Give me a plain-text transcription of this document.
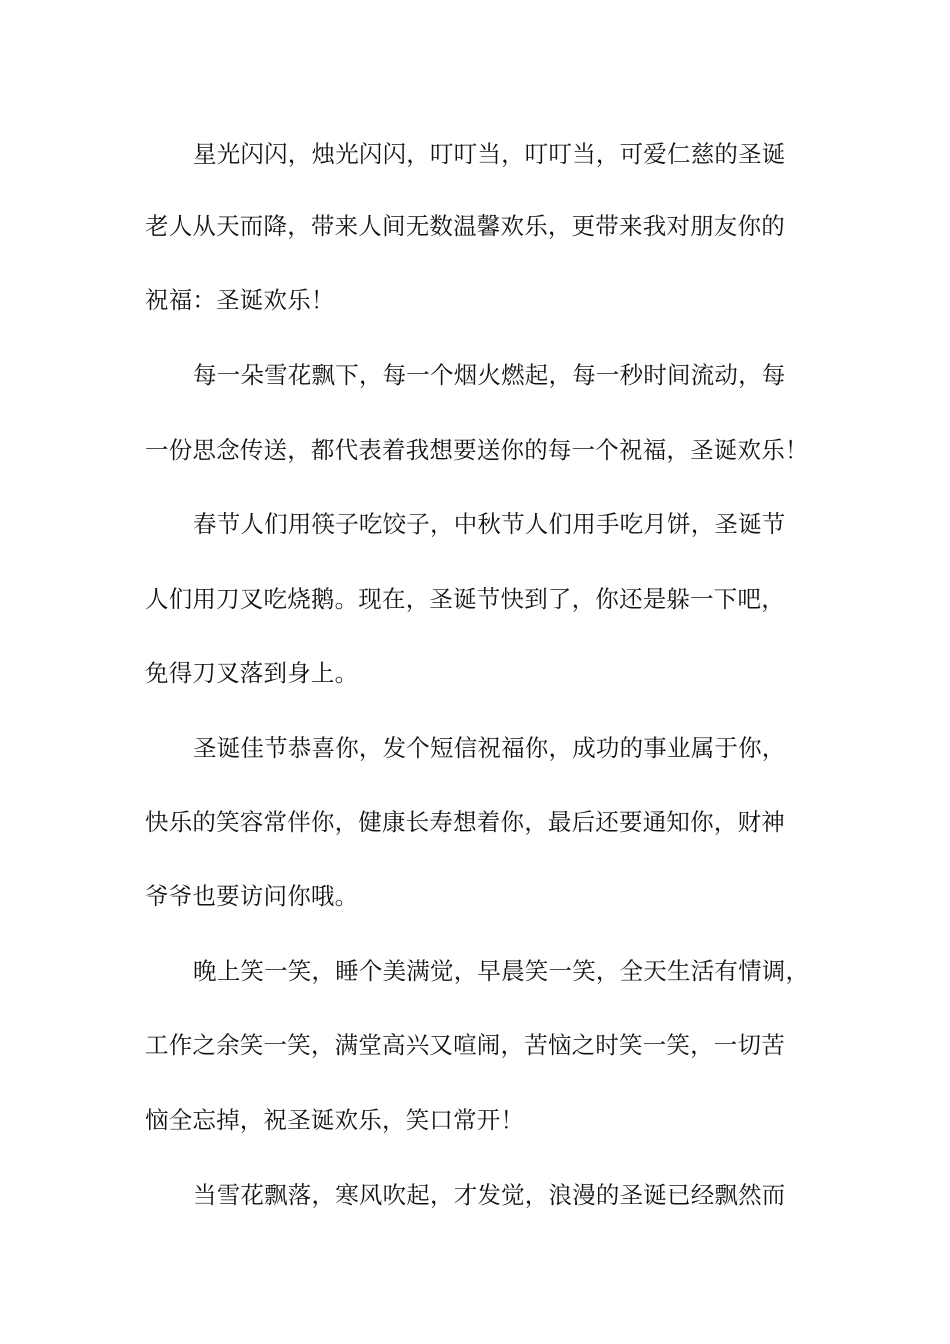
星光闪闪，烛光闪闪，叮叮当，叮叮当，可爱仁慈的圣诞
老人从天而降，带来人间无数温馨欢乐，更带来我对朋友你的
祝福：圣诞欢乐！
每一朵雪花飘下，每一个烟火燃起，每一秒时间流动，每
一份思念传送，都代表着我想要送你的每一个祝福，圣诞欢乐！
春节人们用筷子吃饺子，中秋节人们用手吃月饼，圣诞节
人们用刀叉吃烧鹅。现在，圣诞节快到了，你还是躲一下吧，
免得刀叉落到身上。
圣诞佳节恭喜你，发个短信祝福你，成功的事业属于你，
快乐的笑容常伴你，健康长寿想着你，最后还要通知你，财神
爷爷也要访问你哦。
晚上笑一笑，睡个美满觉，早晨笑一笑，全天生活有情调，
工作之余笑一笑，满堂高兴又喧闹，苦恼之时笑一笑，一切苦
恼全忘掉，祝圣诞欢乐，笑口常开！
当雪花飘落，寒风吹起，才发觉，浪漫的圣诞已经飘然而
